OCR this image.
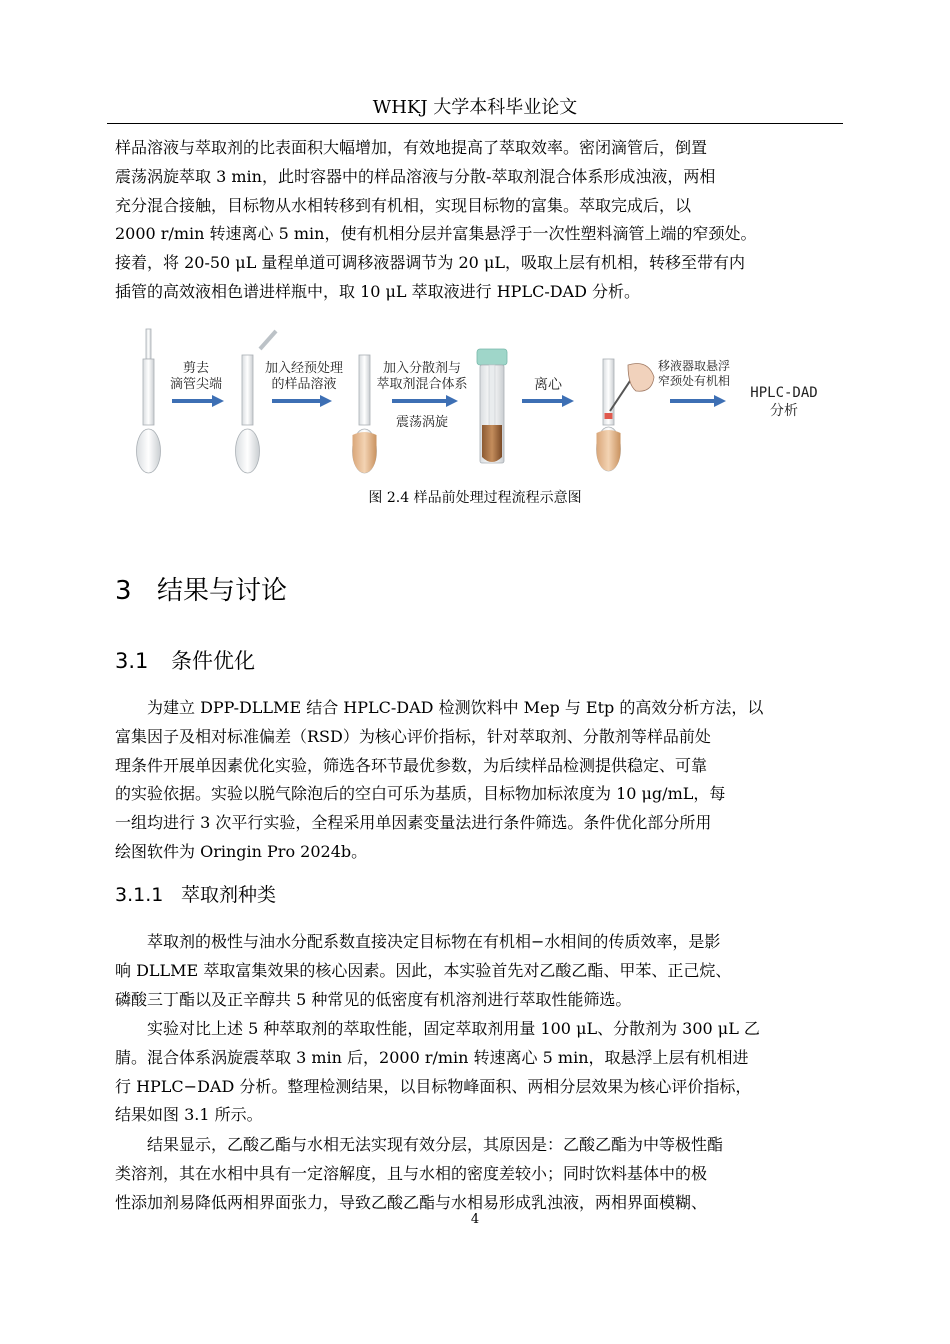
WHKJ 大学本科毕业论文
样品溶液与萃取剂的比表面积大幅增加，有效地提高了萃取效率。密闭滴管后，倒置
震荡涡旋萃取 3 min，此时容器中的样品溶液与分散-萃取剂混合体系形成浊液，两相
充分混合接触，目标物从水相转移到有机相，实现目标物的富集。萃取完成后，以
2000 r/min 转速离心 5 min，使有机相分层并富集悬浮于一次性塑料滴管上端的窄颈处。
接着，将 20-50 μL 量程单道可调移液器调节为 20 μL，吸取上层有机相，转移至带有内
插管的高效液相色谱进样瓶中，取 10 μL 萃取液进行 HPLC-DAD 分析。
剪去
滴管尖端
加入经预处理
的样品溶液
加入分散剂与
萃取剂混合体系
震荡涡旋
离心
移液器取悬浮
窄颈处有机相
HPLC-DAD
分析
图 2.4 样品前处理过程流程示意图
3 结果与讨论
3.1 条件优化
　　为建立 DPP-DLLME 结合 HPLC-DAD 检测饮料中 Mep 与 Etp 的高效分析方法，以
富集因子及相对标准偏差（RSD）为核心评价指标，针对萃取剂、分散剂等样品前处
理条件开展单因素优化实验，筛选各环节最优参数，为后续样品检测提供稳定、可靠
的实验依据。实验以脱气除泡后的空白可乐为基质，目标物加标浓度为 10 μg/mL，每
一组均进行 3 次平行实验，全程采用单因素变量法进行条件筛选。条件优化部分所用
绘图软件为 Oringin Pro 2024b。
3.1.1 萃取剂种类
　　萃取剂的极性与油水分配系数直接决定目标物在有机相−水相间的传质效率，是影
响 DLLME 萃取富集效果的核心因素。因此，本实验首先对乙酸乙酯、甲苯、正己烷、
磷酸三丁酯以及正辛醇共 5 种常见的低密度有机溶剂进行萃取性能筛选。
　　实验对比上述 5 种萃取剂的萃取性能，固定萃取剂用量 100 μL、分散剂为 300 μL 乙
腈。混合体系涡旋震萃取 3 min 后，2000 r/min 转速离心 5 min，取悬浮上层有机相进
行 HPLC−DAD 分析。整理检测结果，以目标物峰面积、两相分层效果为核心评价指标，
结果如图 3.1 所示。
　　结果显示，乙酸乙酯与水相无法实现有效分层，其原因是：乙酸乙酯为中等极性酯
类溶剂，其在水相中具有一定溶解度，且与水相的密度差较小；同时饮料基体中的极
性添加剂易降低两相界面张力，导致乙酸乙酯与水相易形成乳浊液，两相界面模糊、
4
